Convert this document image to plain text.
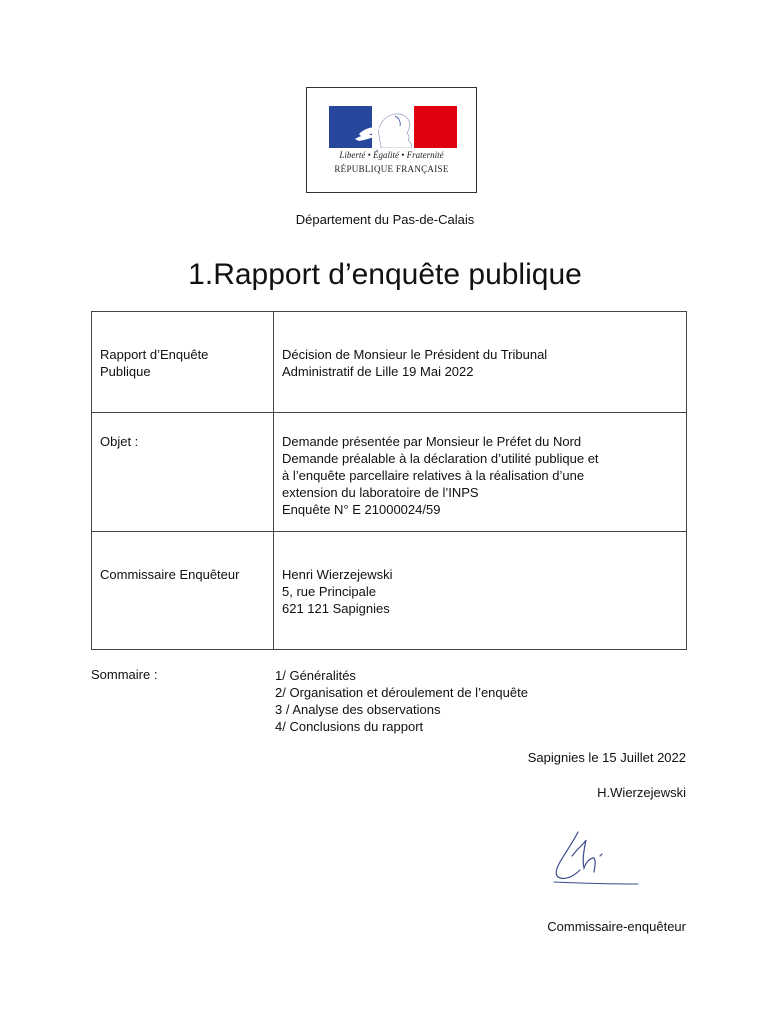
Liberté • Égalité • Fraternité
RÉPUBLIQUE FRANÇAISE
Département du Pas-de-Calais
1.Rapport d’enquête publique
Rapport d’Enquête
Publique	Décision de Monsieur le Président du Tribunal
Administratif de Lille 19 Mai 2022

Objet :	Demande présentée par Monsieur le Préfet du Nord
Demande préalable à la déclaration d’utilité publique et
à l’enquête parcellaire relatives à la réalisation d’une
extension du laboratoire de l’INPS
Enquête N° E 21000024/59

Commissaire Enquêteur	Henri Wierzejewski
5, rue Principale
621 121 Sapignies
Sommaire :	1/ Généralités
2/ Organisation et déroulement de l’enquête
3 / Analyse des observations
4/ Conclusions du rapport
Sapignies le 15 Juillet 2022
H.Wierzejewski
Commissaire-enquêteur
